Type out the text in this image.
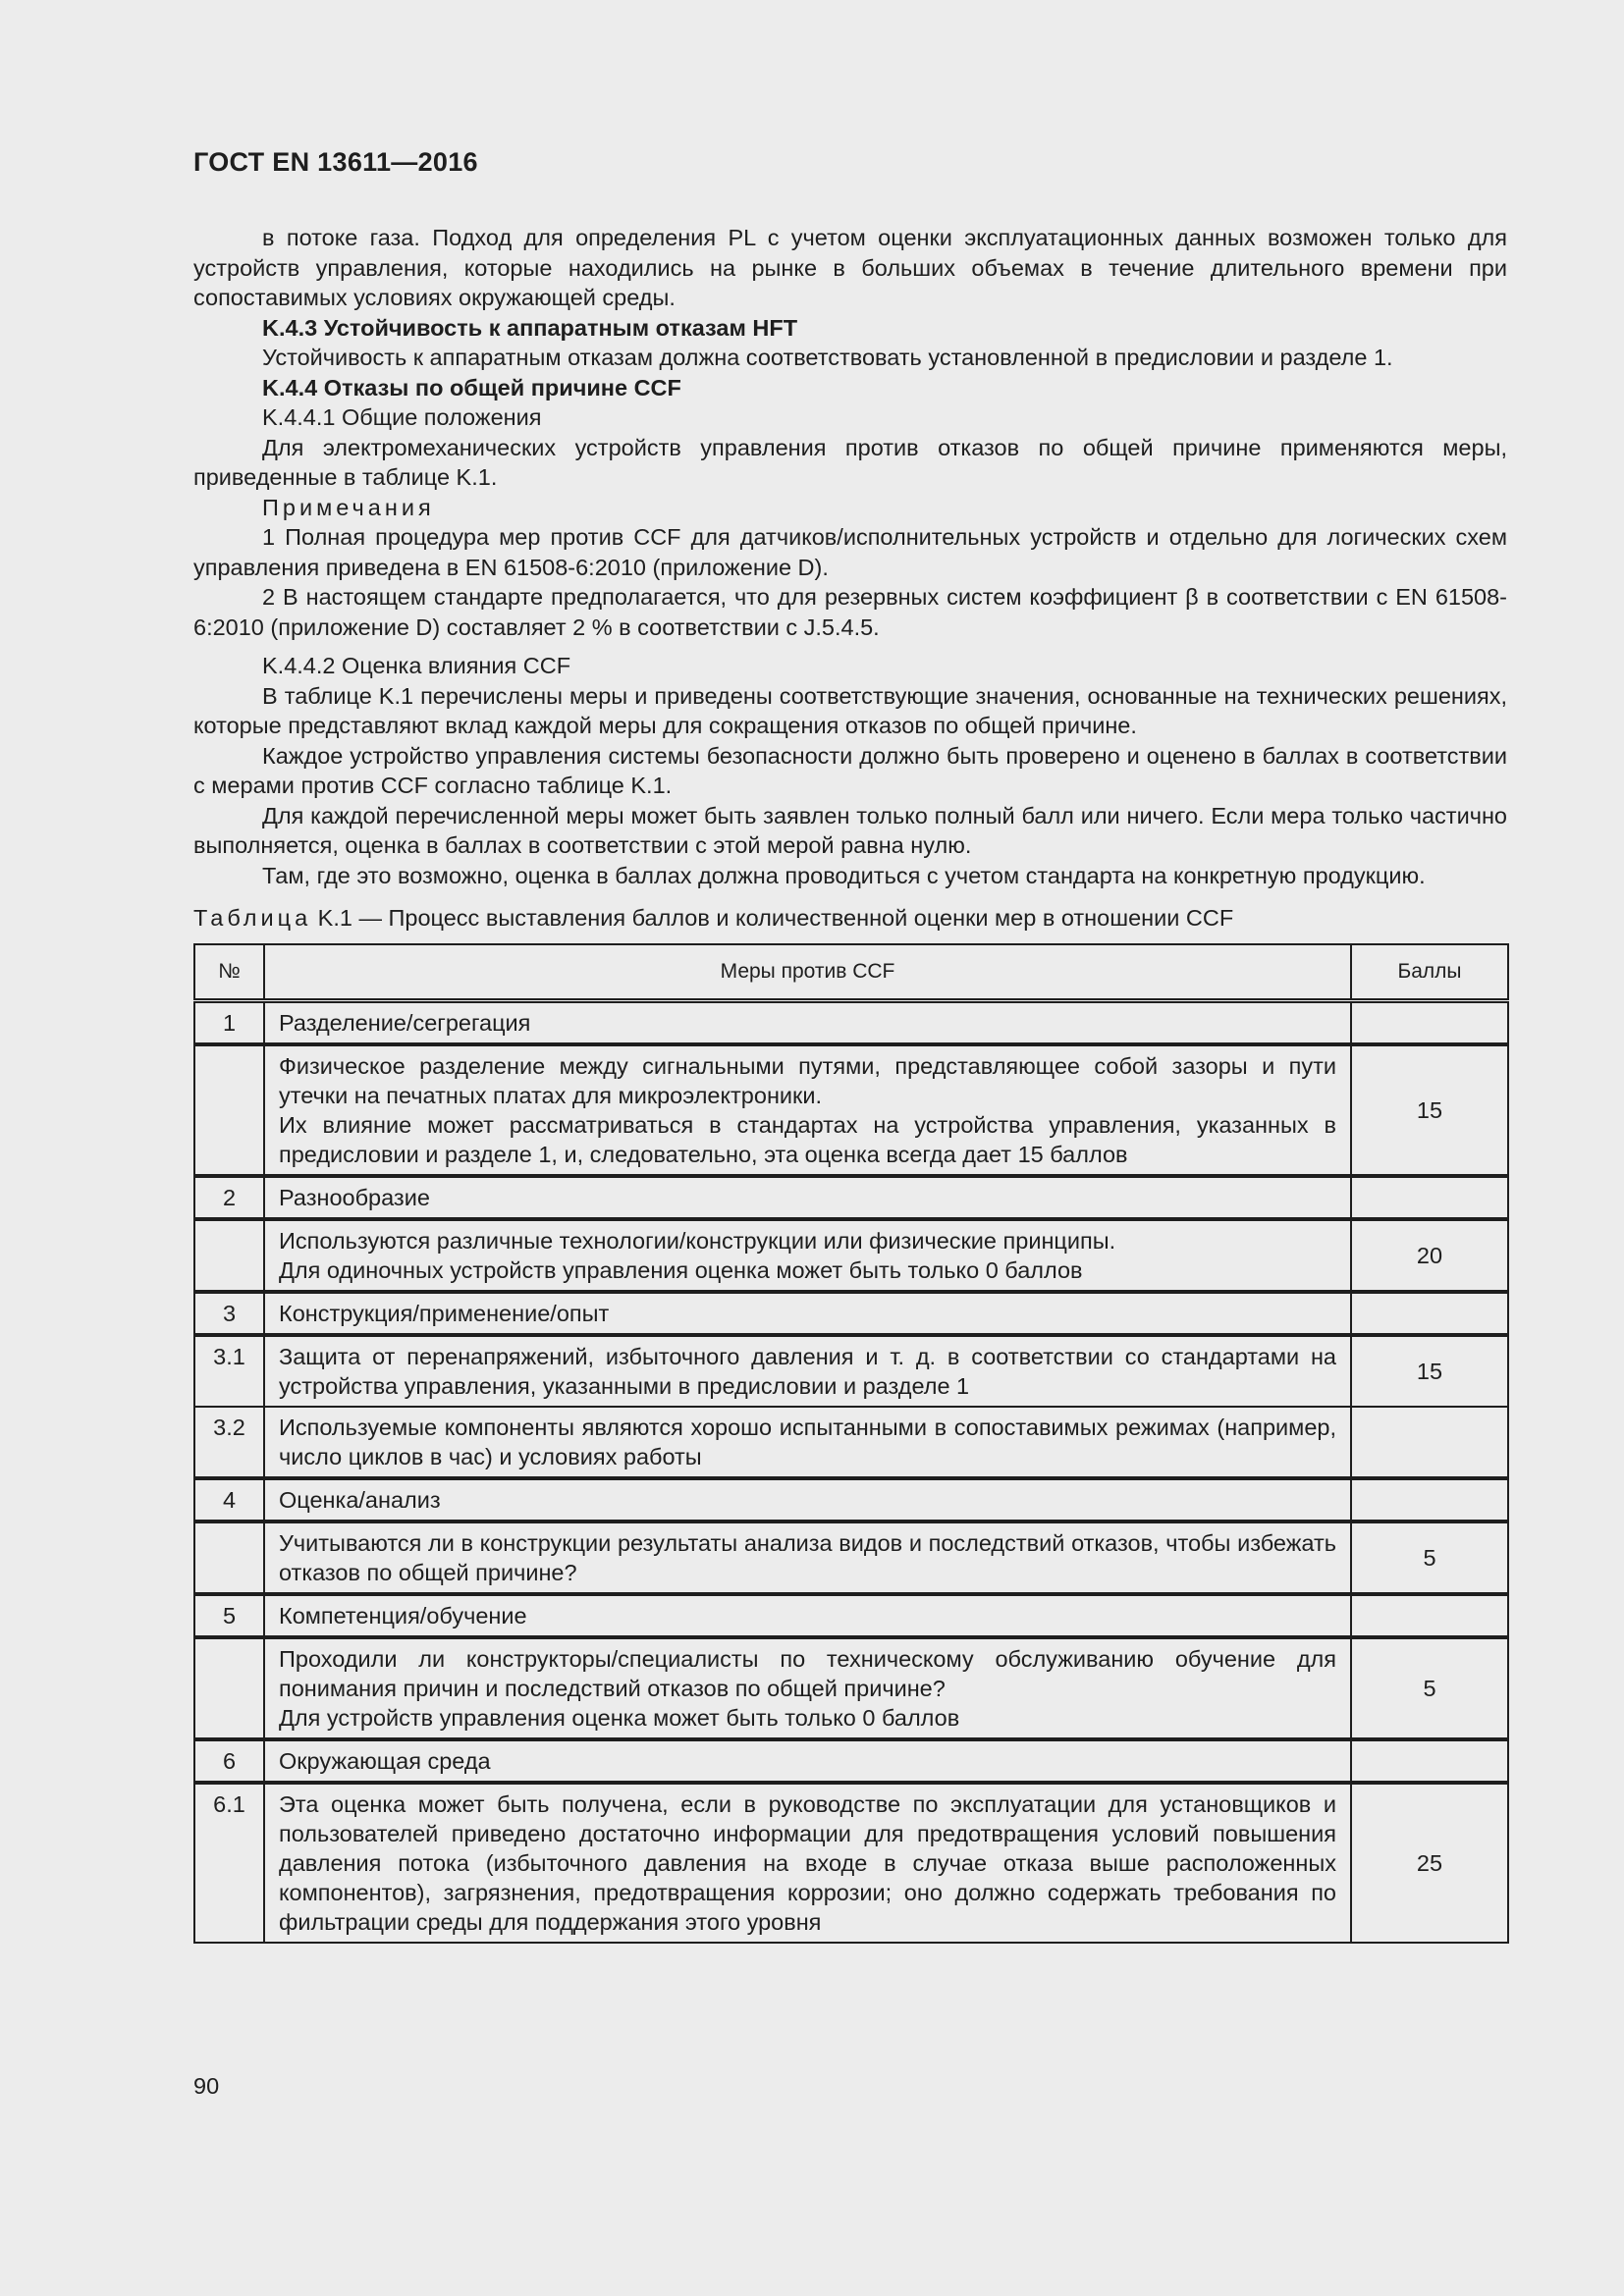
ГОСТ EN 13611—2016

в потоке газа. Подход для определения PL с учетом оценки эксплуатационных данных возможен только для устройств управления, которые находились на рынке в больших объемах в течение длительного времени при сопоставимых условиях окружающей среды.

K.4.3 Устойчивость к аппаратным отказам HFT

Устойчивость к аппаратным отказам должна соответствовать установленной в предисловии и разделе 1.

K.4.4 Отказы по общей причине CCF

K.4.4.1 Общие положения

Для электромеханических устройств управления против отказов по общей причине применяются меры, приведенные в таблице K.1.

Примечания

1 Полная процедура мер против CCF для датчиков/исполнительных устройств и отдельно для логических схем управления приведена в EN 61508-6:2010 (приложение D).

2 В настоящем стандарте предполагается, что для резервных систем коэффициент β в соответствии с EN 61508-6:2010 (приложение D) составляет 2 % в соответствии с J.5.4.5.

K.4.4.2 Оценка влияния CCF

В таблице K.1 перечислены меры и приведены соответствующие значения, основанные на технических решениях, которые представляют вклад каждой меры для сокращения отказов по общей причине.

Каждое устройство управления системы безопасности должно быть проверено и оценено в баллах в соответствии с мерами против CCF согласно таблице K.1.

Для каждой перечисленной меры может быть заявлен только полный балл или ничего. Если мера только частично выполняется, оценка в баллах в соответствии с этой мерой равна нулю.

Там, где это возможно, оценка в баллах должна проводиться с учетом стандарта на конкретную продукцию.

Таблица K.1 — Процесс выставления баллов и количественной оценки мер в отношении CCF

№	Меры против CCF	Баллы
1	Разделение/сегрегация	
	Физическое разделение между сигнальными путями, представляющее собой зазоры и пути утечки на печатных платах для микроэлектроники.
Их влияние может рассматриваться в стандартах на устройства управления, указанных в предисловии и разделе 1, и, следовательно, эта оценка всегда дает 15 баллов	15
2	Разнообразие	
	Используются различные технологии/конструкции или физические принципы.
Для одиночных устройств управления оценка может быть только 0 баллов	20
3	Конструкция/применение/опыт	
3.1	Защита от перенапряжений, избыточного давления и т. д. в соответствии со стандартами на устройства управления, указанными в предисловии и разделе 1	15
3.2	Используемые компоненты являются хорошо испытанными в сопоставимых режимах (например, число циклов в час) и условиях работы	
4	Оценка/анализ	
	Учитываются ли в конструкции результаты анализа видов и последствий отказов, чтобы избежать отказов по общей причине?	5
5	Компетенция/обучение	
	Проходили ли конструкторы/специалисты по техническому обслуживанию обучение для понимания причин и последствий отказов по общей причине?
Для устройств управления оценка может быть только 0 баллов	5
6	Окружающая среда	
6.1	Эта оценка может быть получена, если в руководстве по эксплуатации для установщиков и пользователей приведено достаточно информации для предотвращения условий повышения давления потока (избыточного давления на входе в случае отказа выше расположенных компонентов), загрязнения, предотвращения коррозии; оно должно содержать требования по фильтрации среды для поддержания этого уровня	25
90
